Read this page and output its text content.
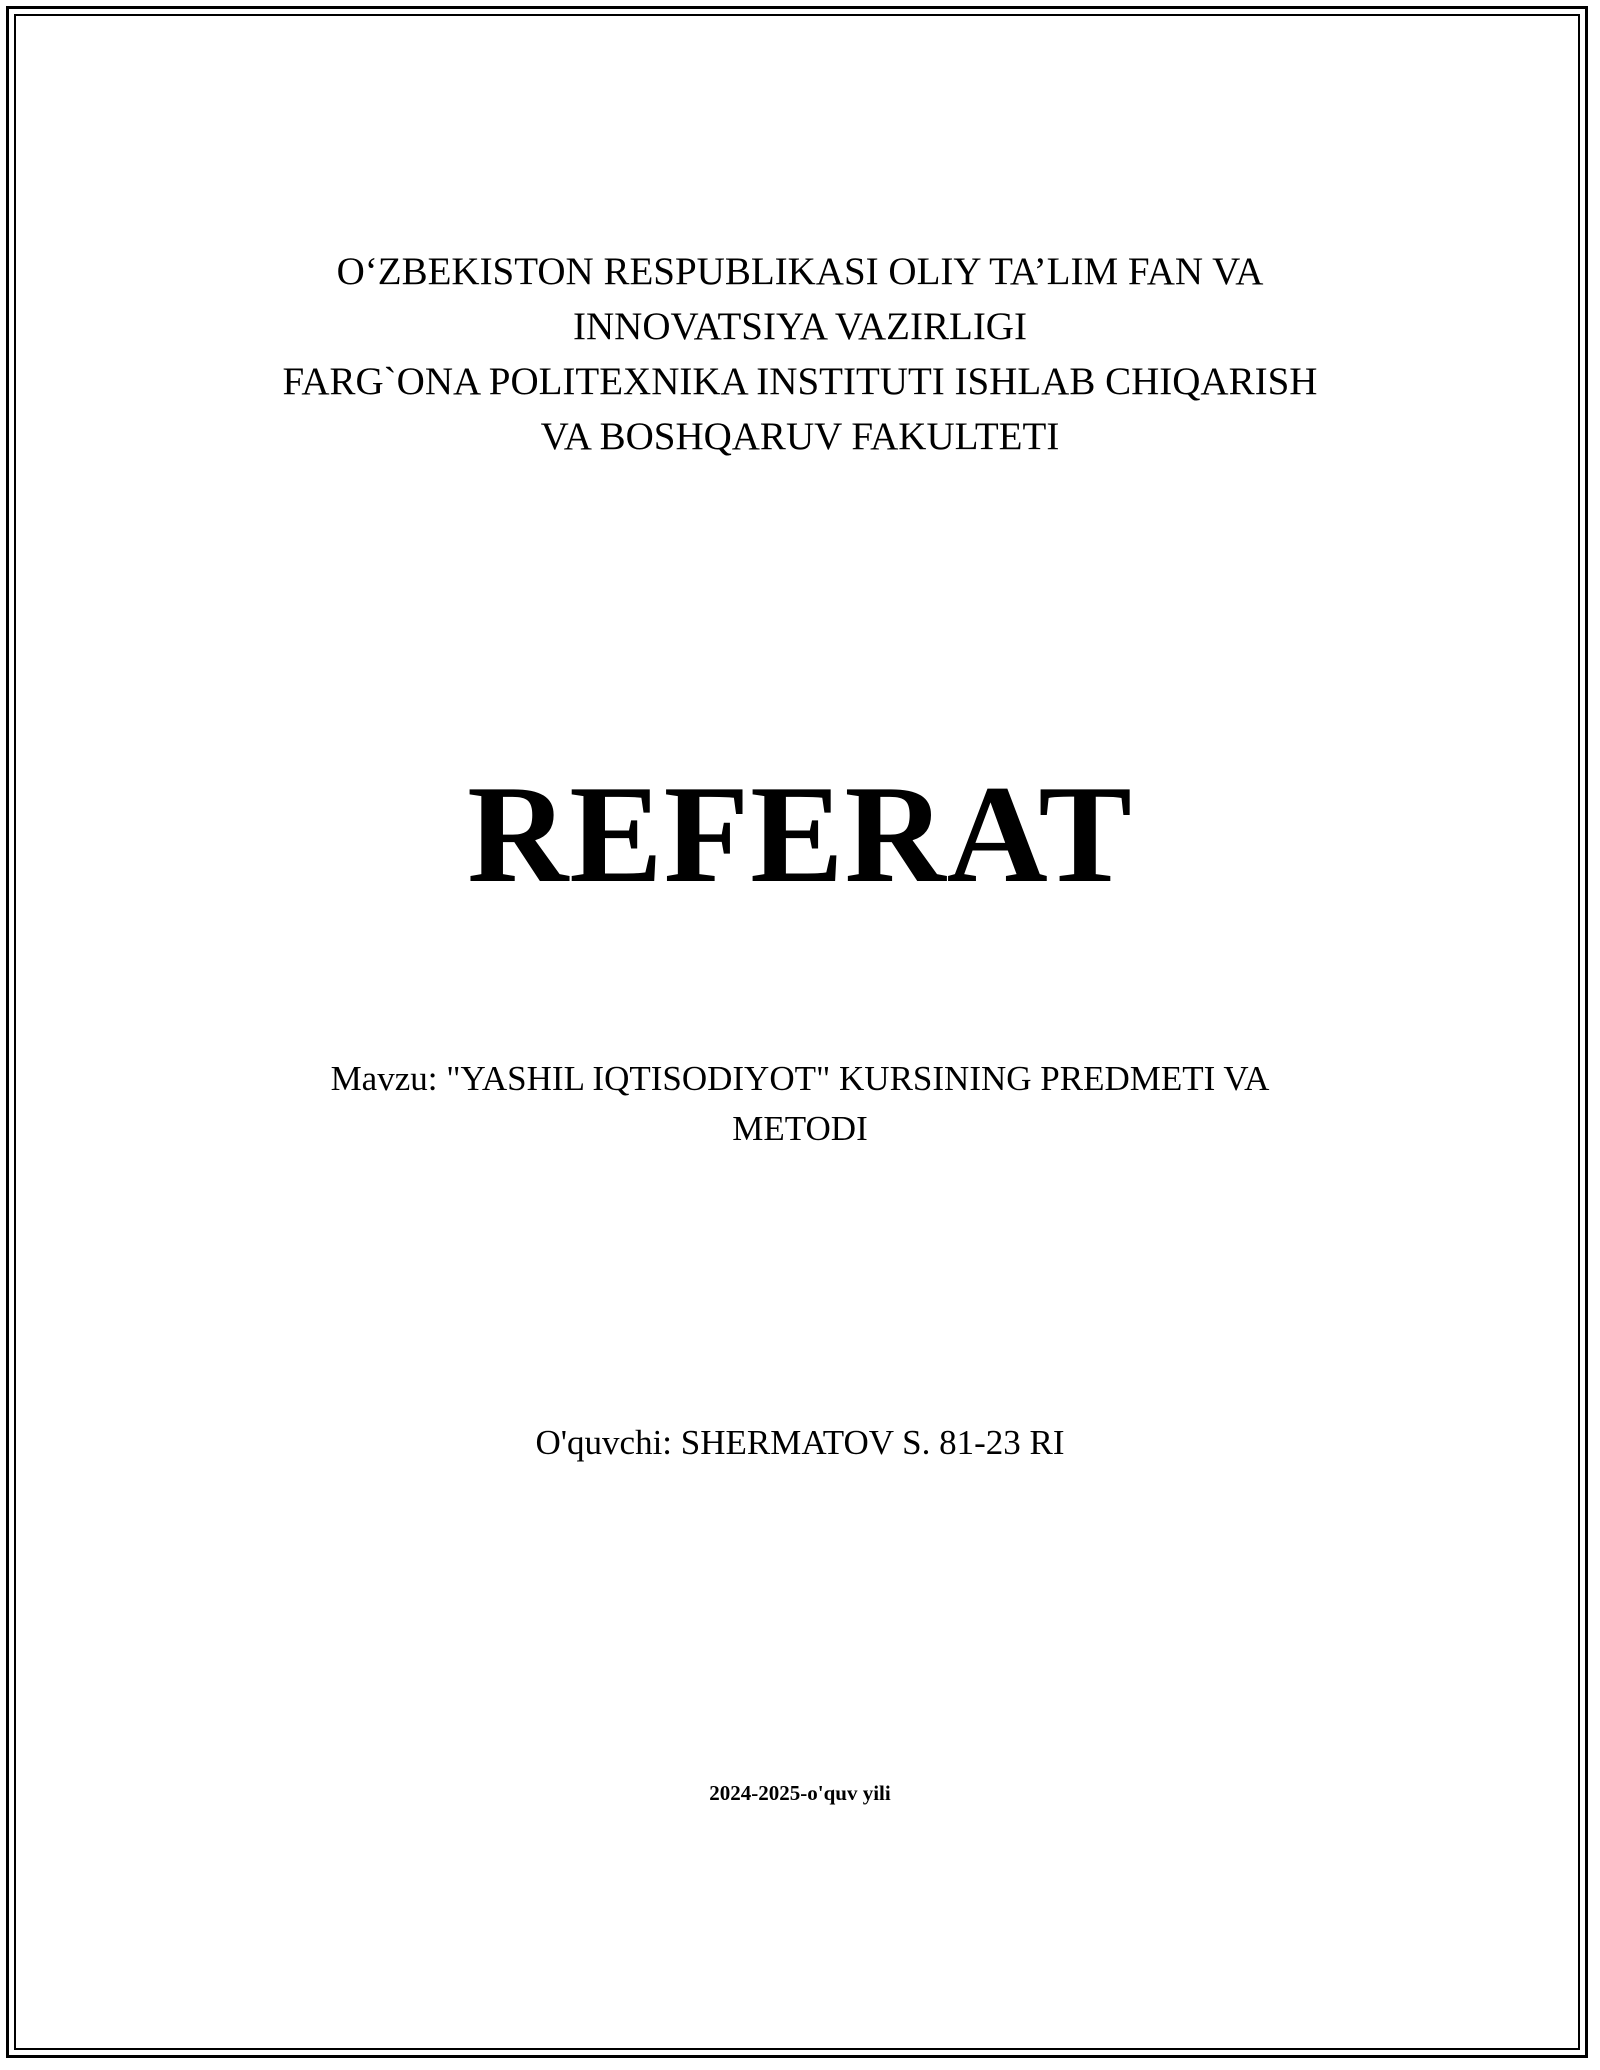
O‘ZBEKISTON RESPUBLIKASI OLIY TA’LIM FAN VA
INNOVATSIYA VAZIRLIGI
FARG`ONA POLITEXNIKA INSTITUTI ISHLAB CHIQARISH
VA BOSHQARUV FAKULTETI
REFERAT
Mavzu: "YASHIL IQTISODIYOT" KURSINING PREDMETI VA
METODI
O'quvchi: SHERMATOV S. 81-23 RI
2024-2025-o'quv yili
